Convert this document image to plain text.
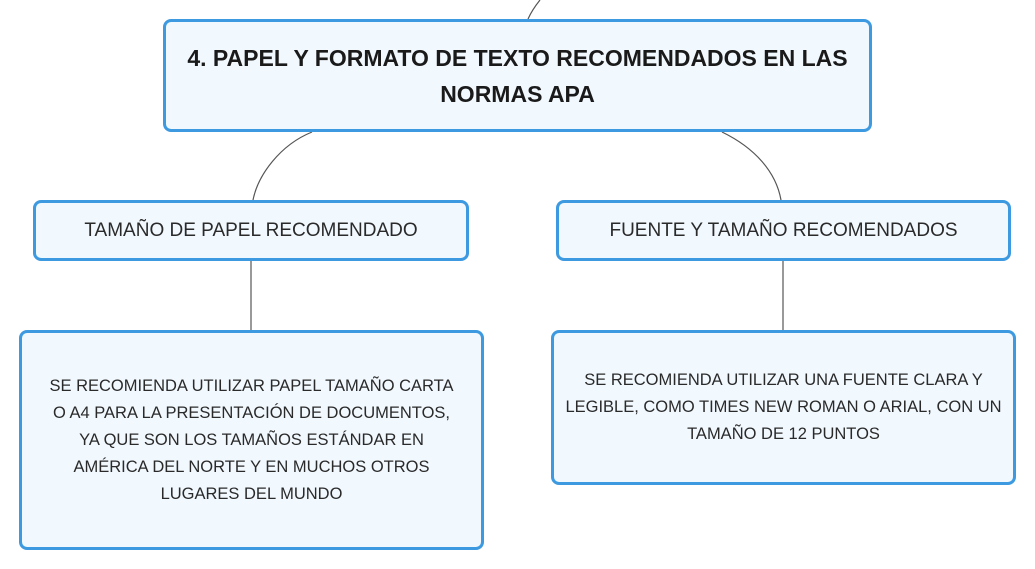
4. PAPEL Y FORMATO DE TEXTO RECOMENDADOS EN LAS NORMAS APA
TAMAÑO DE PAPEL RECOMENDADO	FUENTE Y TAMAÑO RECOMENDADOS
SE RECOMIENDA UTILIZAR PAPEL TAMAÑO CARTA O A4 PARA LA PRESENTACIÓN DE DOCUMENTOS, YA QUE SON LOS TAMAÑOS ESTÁNDAR EN AMÉRICA DEL NORTE Y EN MUCHOS OTROS LUGARES DEL MUNDO
SE RECOMIENDA UTILIZAR UNA FUENTE CLARA Y LEGIBLE, COMO TIMES NEW ROMAN O ARIAL, CON UN TAMAÑO DE 12 PUNTOS
